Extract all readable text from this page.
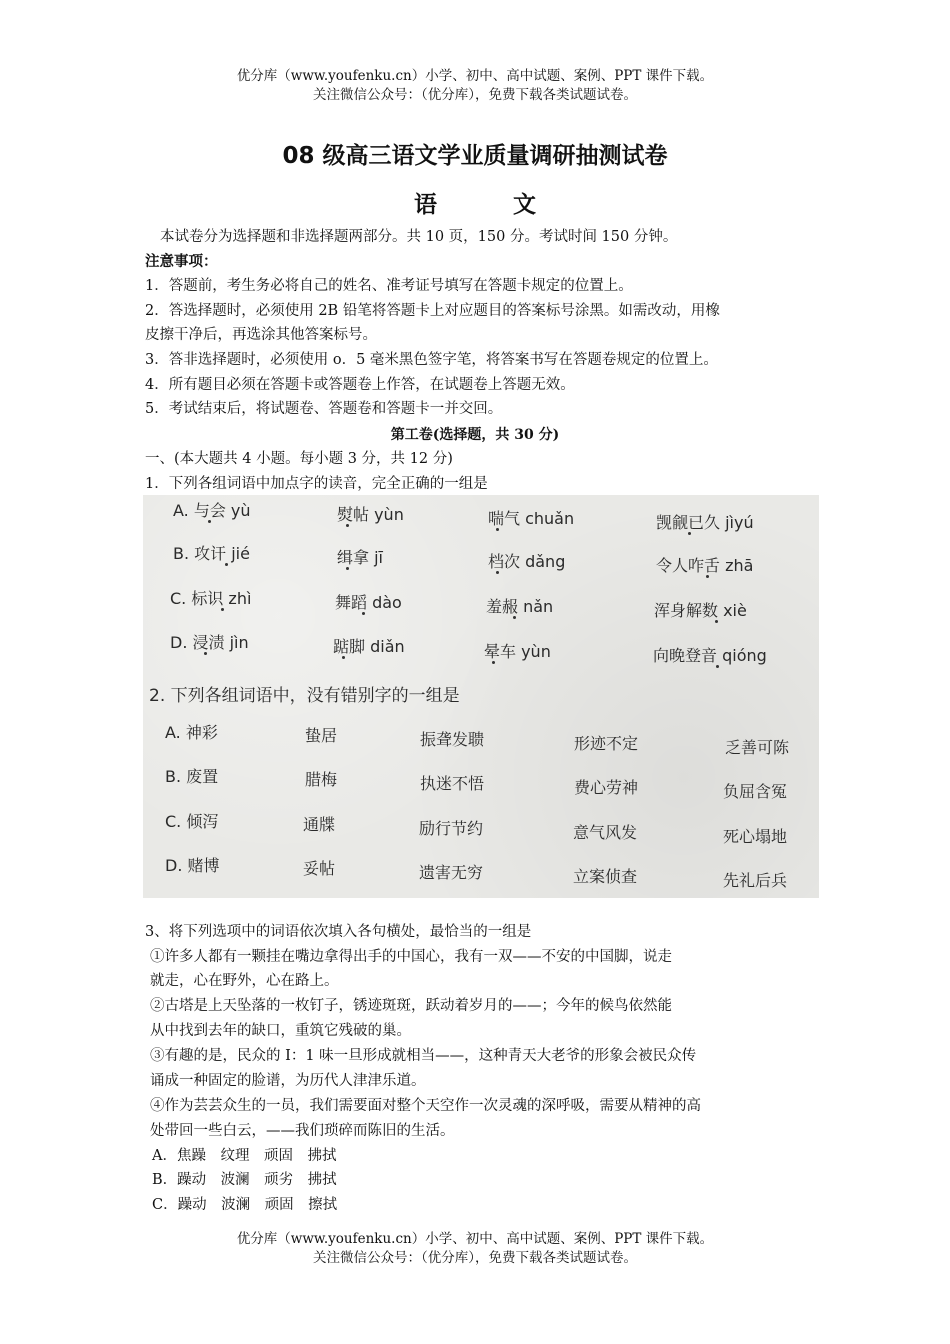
优分库（www.youfenku.cn）小学、初中、高中试题、案例、PPT 课件下载。
关注微信公众号：（优分库），免费下载各类试题试卷。
08 级高三语文学业质量调研抽测试卷
语	文
本试卷分为选择题和非选择题两部分。共 10 页，150 分。考试时间 150 分钟。
注意事项：
1．答题前，考生务必将自己的姓名、准考证号填写在答题卡规定的位置上。
2．答选择题时，必须使用 2B 铅笔将答题卡上对应题目的答案标号涂黑。如需改动，用橡
皮擦干净后，再选涂其他答案标号。
3．答非选择题时，必须使用 o．5 毫米黑色签字笔，将答案书写在答题卷规定的位置上。
4．所有题目必须在答题卡或答题卷上作答，在试题卷上答题无效。
5．考试结束后，将试题卷、答题卷和答题卡一并交回。
第工卷(选择题，共 30 分)
一、(本大题共 4 小题。每小题 3 分，共 12 分)
1．下列各组词语中加点字的读音，完全正确的一组是
A. 与会 yù	熨帖 yùn	喘气 chuǎn	觊觎已久 jìyú
B. 攻讦 jié	缉拿 jī	档次 dǎng	令人咋舌 zhā
C. 标识 zhì	舞蹈 dào	羞赧 nǎn	浑身解数 xiè
D. 浸渍 jìn	踮脚 diǎn	晕车 yùn	向晚登音 qióng
2. 下列各组词语中，没有错别字的一组是
A. 神彩	蛰居	振聋发聩	形迹不定	乏善可陈
B. 废置	腊梅	执迷不悟	费心劳神	负屈含冤
C. 倾泻	通牒	励行节约	意气风发	死心塌地
D. 赌博	妥帖	遗害无穷	立案侦查	先礼后兵
3、将下列选项中的词语依次填入各句横处，最恰当的一组是
①许多人都有一颗挂在嘴边拿得出手的中国心，我有一双——不安的中国脚，说走
就走，心在野外，心在路上。
②古塔是上天坠落的一枚钉子，锈迹斑斑，跃动着岁月的——；今年的候鸟依然能
从中找到去年的缺口，重筑它残破的巢。
③有趣的是，民众的 I：1 味一旦形成就相当——，这种青天大老爷的形象会被民众传
诵成一种固定的脸谱，为历代人津津乐道。
④作为芸芸众生的一员，我们需要面对整个天空作一次灵魂的深呼吸，需要从精神的高
处带回一些白云，——我们琐碎而陈旧的生活。
A．焦躁　纹理　顽固　拂拭
B．躁动　波澜　顽劣　拂拭
C．躁动　波澜　顽固　擦拭
优分库（www.youfenku.cn）小学、初中、高中试题、案例、PPT 课件下载。
关注微信公众号：（优分库），免费下载各类试题试卷。
